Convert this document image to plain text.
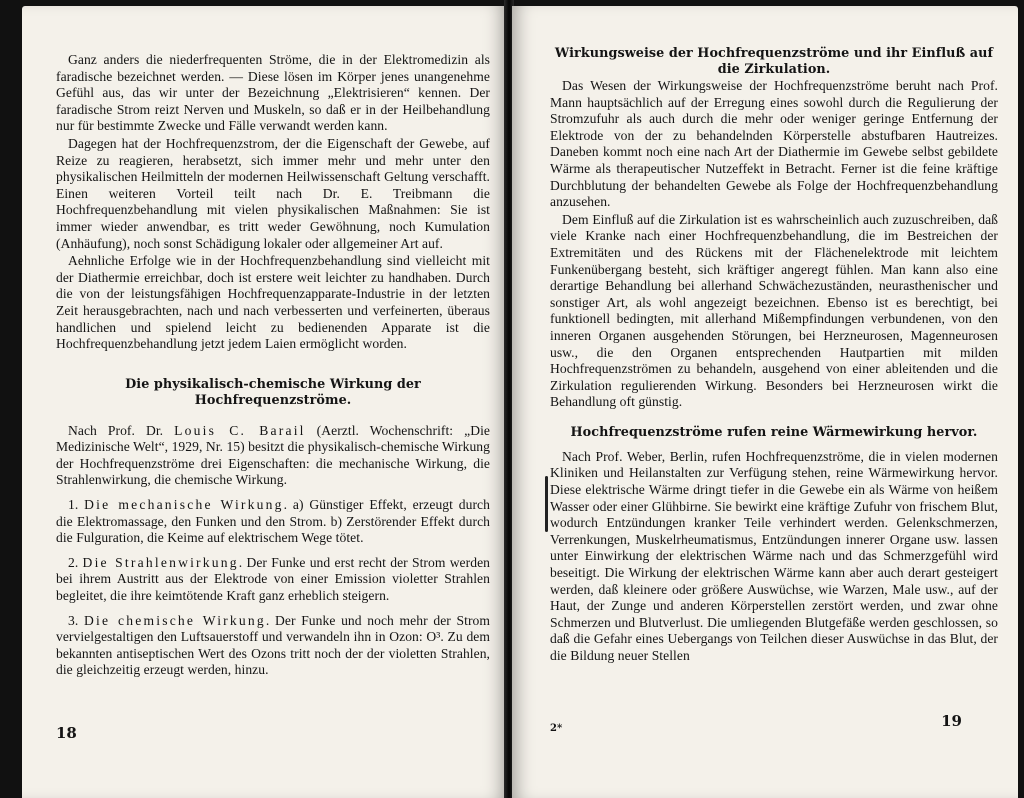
Ganz anders die niederfrequenten Ströme, die in der Elektromedizin als faradische bezeichnet werden. — Diese lösen im Körper jenes unangenehme Gefühl aus, das wir unter der Bezeichnung „Elektrisieren“ kennen. Der faradische Strom reizt Nerven und Muskeln, so daß er in der Heilbehandlung nur für bestimmte Zwecke und Fälle verwandt werden kann.

Dagegen hat der Hochfrequenzstrom, der die Eigenschaft der Gewebe, auf Reize zu reagieren, herabsetzt, sich immer mehr und mehr unter den physikalischen Heilmitteln der modernen Heilwissenschaft Geltung verschafft. Einen weiteren Vorteil teilt nach Dr. E. Treibmann die Hochfrequenzbehandlung mit vielen physikalischen Maßnahmen: Sie ist immer wieder anwendbar, es tritt weder Gewöhnung, noch Kumulation (Anhäufung), noch sonst Schädigung lokaler oder allgemeiner Art auf.

Aehnliche Erfolge wie in der Hochfrequenzbehandlung sind vielleicht mit der Diathermie erreichbar, doch ist erstere weit leichter zu handhaben. Durch die von der leistungsfähigen Hochfrequenzapparate-Industrie in der letzten Zeit herausgebrachten, nach und nach verbesserten und verfeinerten, überaus handlichen und spielend leicht zu bedienenden Apparate ist die Hochfrequenzbehandlung jetzt jedem Laien ermöglicht worden.

Die physikalisch-chemische Wirkung der Hochfrequenzströme.

Nach Prof. Dr. Louis C. Barail (Aerztl. Wochenschrift: „Die Medizinische Welt“, 1929, Nr. 15) besitzt die physikalisch-chemische Wirkung der Hochfrequenzströme drei Eigenschaften: die mechanische Wirkung, die Strahlenwirkung, die chemische Wirkung.

1. Die mechanische Wirkung. a) Günstiger Effekt, erzeugt durch die Elektromassage, den Funken und den Strom. b) Zerstörender Effekt durch die Fulguration, die Keime auf elektrischem Wege tötet.

2. Die Strahlenwirkung. Der Funke und erst recht der Strom werden bei ihrem Austritt aus der Elektrode von einer Emission violetter Strahlen begleitet, die ihre keimtötende Kraft ganz erheblich steigern.

3. Die chemische Wirkung. Der Funke und noch mehr der Strom vervielgestaltigen den Luftsauerstoff und verwandeln ihn in Ozon: O³. Zu dem bekannten antiseptischen Wert des Ozons tritt noch der der violetten Strahlen, die gleichzeitig erzeugt werden, hinzu.

18
Wirkungsweise der Hochfrequenzströme und ihr Einfluß auf die Zirkulation.

Das Wesen der Wirkungsweise der Hochfrequenzströme beruht nach Prof. Mann hauptsächlich auf der Erregung eines sowohl durch die Regulierung der Stromzufuhr als auch durch die mehr oder weniger geringe Entfernung der Elektrode von der zu behandelnden Körperstelle abstufbaren Hautreizes. Daneben kommt noch eine nach Art der Diathermie im Gewebe selbst gebildete Wärme als therapeutischer Nutzeffekt in Betracht. Ferner ist die feine kräftige Durchblutung der behandelten Gewebe als Folge der Hochfrequenzbehandlung anzusehen.

Dem Einfluß auf die Zirkulation ist es wahrscheinlich auch zuzuschreiben, daß viele Kranke nach einer Hochfrequenzbehandlung, die im Bestreichen der Extremitäten und des Rückens mit der Flächenelektrode mit leichtem Funkenübergang besteht, sich kräftiger angeregt fühlen. Man kann also eine derartige Behandlung bei allerhand Schwächezuständen, neurasthenischer und sonstiger Art, als wohl angezeigt bezeichnen. Ebenso ist es berechtigt, bei funktionell bedingten, mit allerhand Mißempfindungen verbundenen, von den inneren Organen ausgehenden Störungen, bei Herzneurosen, Magenneurosen usw., die den Organen entsprechenden Hautpartien mit milden Hochfrequenzströmen zu behandeln, ausgehend von einer ableitenden und die Zirkulation regulierenden Wirkung. Besonders bei Herzneurosen wirkt die Behandlung oft günstig.

Hochfrequenzströme rufen reine Wärmewirkung hervor.

Nach Prof. Weber, Berlin, rufen Hochfrequenzströme, die in vielen modernen Kliniken und Heilanstalten zur Verfügung stehen, reine Wärmewirkung hervor. Diese elektrische Wärme dringt tiefer in die Gewebe ein als Wärme von heißem Wasser oder einer Glühbirne. Sie bewirkt eine kräftige Zufuhr von frischem Blut, wodurch Entzündungen kranker Teile verhindert werden. Gelenkschmerzen, Verrenkungen, Muskelrheumatismus, Entzündungen innerer Organe usw. lassen unter Einwirkung der elektrischen Wärme nach und das Schmerzgefühl wird beseitigt. Die Wirkung der elektrischen Wärme kann aber auch derart gesteigert werden, daß kleinere oder größere Auswüchse, wie Warzen, Male usw., auf der Haut, der Zunge und anderen Körperstellen zerstört werden, und zwar ohne Schmerzen und Blutverlust. Die umliegenden Blutgefäße werden geschlossen, so daß die Gefahr eines Uebergangs von Teilchen dieser Auswüchse in das Blut, der die Bildung neuer Stellen

2*	19
